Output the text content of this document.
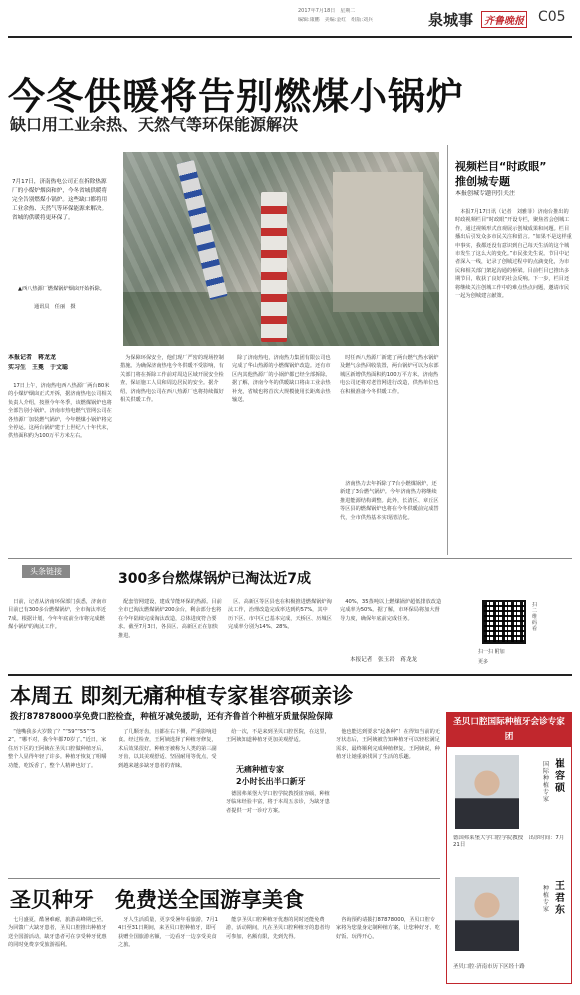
2017年7月18日　星期二
编辑:康鹏　美编:金红　组版:刘兵	泉城事	齐鲁晚报 C05
今冬供暖将告别燃煤小锅炉
缺口用工业余热、天然气等环保能源解决
7月17日，济南热电公司正在拆除热源厂的小煤炉烟囱和炉，今冬省城供暖将完全告别燃煤小锅炉。这些缺口都将用工业余热、天然气等环保能源来解决。省城的供暖将更环保了。
▲西八热源厂燃煤锅炉烟囱开始拆除。
通讯员　任丽　摄
本报记者　蒋龙龙
实习生　王冕　于文聪

17日上午，济南热电西八热源厂两台80米的小煤炉烟囱正式开拆，据济南热电公司相关负责人介绍，按照今年冬季，该燃煤锅炉也将全部告别小锅炉。济南市热电燃气管网公司在各热源厂加装燃气锅炉，今年燃煤小锅炉将完全停运。这两台锅炉建于上世纪八十年代末，供热面积约为100万平方米左右。

为保障环保安全，他们现厂严密的现场控制措施。为确保济南热电今冬供暖不受影响，有关部门将在拆除工作前对周边区域开展安全检查，保证施工人员和周边居民的安全。据介绍，济南热电公司在西八热源厂也将持续做好相关供暖工作。

除了济南热电，济南热力集团有限公司也完成了华山热源的小燃煤锅炉改造。还有市区内其他热源厂的小锅炉都已经全部拆除。据了解，济南今冬的供暖缺口将由工业余热补充，省城也将首次大规模使用长距离余热输送。

时任西八热源厂新建了两台燃气热水锅炉及燃气余热回收装置，两台锅炉可以为东部城区新增供热面积约100万平方米。济南热电公司还将对老管网进行改造，供热单位也在积极准备今冬供暖工作。

济南热力去年拆除了7台小燃煤锅炉，还新建了3台燃气锅炉。今年济南热力将继续推进能源结构调整。此外，长清区、章丘区等区县的燃煤锅炉也将在今冬供暖前完成替代，全市供热基本实现清洁化。

视频栏目“时政眼”
推创城专题
本报创城专题刊引关注

本报7月17日讯（记者　刘雅菲）济南台推出的时政视频栏目“时政眼”开设专栏，聚焦省会创城工作，通过视频形式直观展示创城成果和问题。栏目播出后引发众多市民关注和留言。“如果不是这样重申事实，我都还没有意识到自己每天生活的这个城市发生了这么大的变化。”市民张先生说。节目中记者深入一线，记录了创城过程中的点滴变化，为市民和相关部门架起沟通的桥梁。目前栏目已推出多期节目，收获了良好的社会反响。下一步，栏目还将继续关注创城工作中的难点热点问题，邀请市民一起为创城建言献策。

头条链接	300多台燃煤锅炉已淘汰近7成

日前，记者从济南环保部门获悉，济南市目前已有300多台燃煤锅炉，全市淘汰率近7成。根据计划，今年年底前全市将完成燃煤小锅炉的淘汰工作。

配套管网建设，建成节能环保的热源。目前全市已淘汰燃煤锅炉200余台，剩余部分也将在今年陆续完成淘汰改造，总体进度符合要求。截至7月3日，各县区、高新区正在加快推进。

区、高新区等区县也在积极推进燃煤锅炉淘汰工作，治理改造完成率达到约57%，其中历下区、市中区已基本完成，天桥区、历城区完成率分别为14%、28%。

40%，35蒸吨以上燃煤锅炉超低排放改造完成率为50%。据了解，市环保局将加大督导力度，确保年底前完成任务。

本报记者　张玉岩　蒋龙龙
扫二维码看
扫一扫 附加
更多
本周五 即刻无痛种植专家崔容硕亲诊
拨打87878000享免费口腔检查，种植牙减免援助，还有齐鲁首个种植牙质量保险保障

“他嘴我多大岁数了？”“59”“55”“52”，“哪不对，我今年都70岁了。”近日，家住历下区的王阿姨在圣贝口腔做种植牙后，整个人显得年轻了许多。种植牙恢复了咀嚼功能，吃饭香了，整个人精神也好了。

了几颗牙齿，且都在右下侧，严重影响进食。经过检查，王阿姨选择了种植牙修复，术后效果很好。种植牙被称为人类的第三副牙齿，以其美观舒适、坚固耐用等优点，受到越来越多缺牙患者的青睐。

给一次，不是来到圣贝口腔医院，在这里，王阿姨知道种植牙更加美观舒适。

无痛种植专家
2小时长出半口新牙

德国弗莱堡大学口腔学院教授崔容硕，种植牙临床经验丰富，将于本周五亲诊，为缺牙患者提供一对一诊疗方案。

他也能达到要求“起条种”！在得知当前的无牙状态后，王阿姨被告知种植牙可以轻松满足需求，最终顺利完成种植修复。王阿姨说，种植牙让她重新找回了生活的乐趣。

圣贝口腔国际种植牙会诊专家团
国际种植专家
崔容硕
德国弗莱堡大学口腔学院教授　出诊时间：7月21日
种植专家
王君东
圣贝口腔·济南市历下区经十路
圣贝种牙　免费送全国游享美食

七月盛夏，酷暑难耐，旅游高峰期已至。为回馈广大缺牙患者，圣贝口腔推出种植牙送全国游活动，缺牙患者可在享受种牙优惠的同时免费享受旅游福利。

牙人生活质量，更享受暑年看旅游，7月14日至31日期间，来圣贝口腔种植牙，即可获赠全国旅游名额，一边看牙一边享受美食之旅。

能享圣贝口腔种植牙优惠的同时还能免费游，活动期间，凡在圣贝口腔种植牙的患者均可参加，名额有限，先到先得。

咨询预约请拨打87878000，圣贝口腔专家将为您量身定制种植方案，让您种好牙、吃好饭、玩得开心。
